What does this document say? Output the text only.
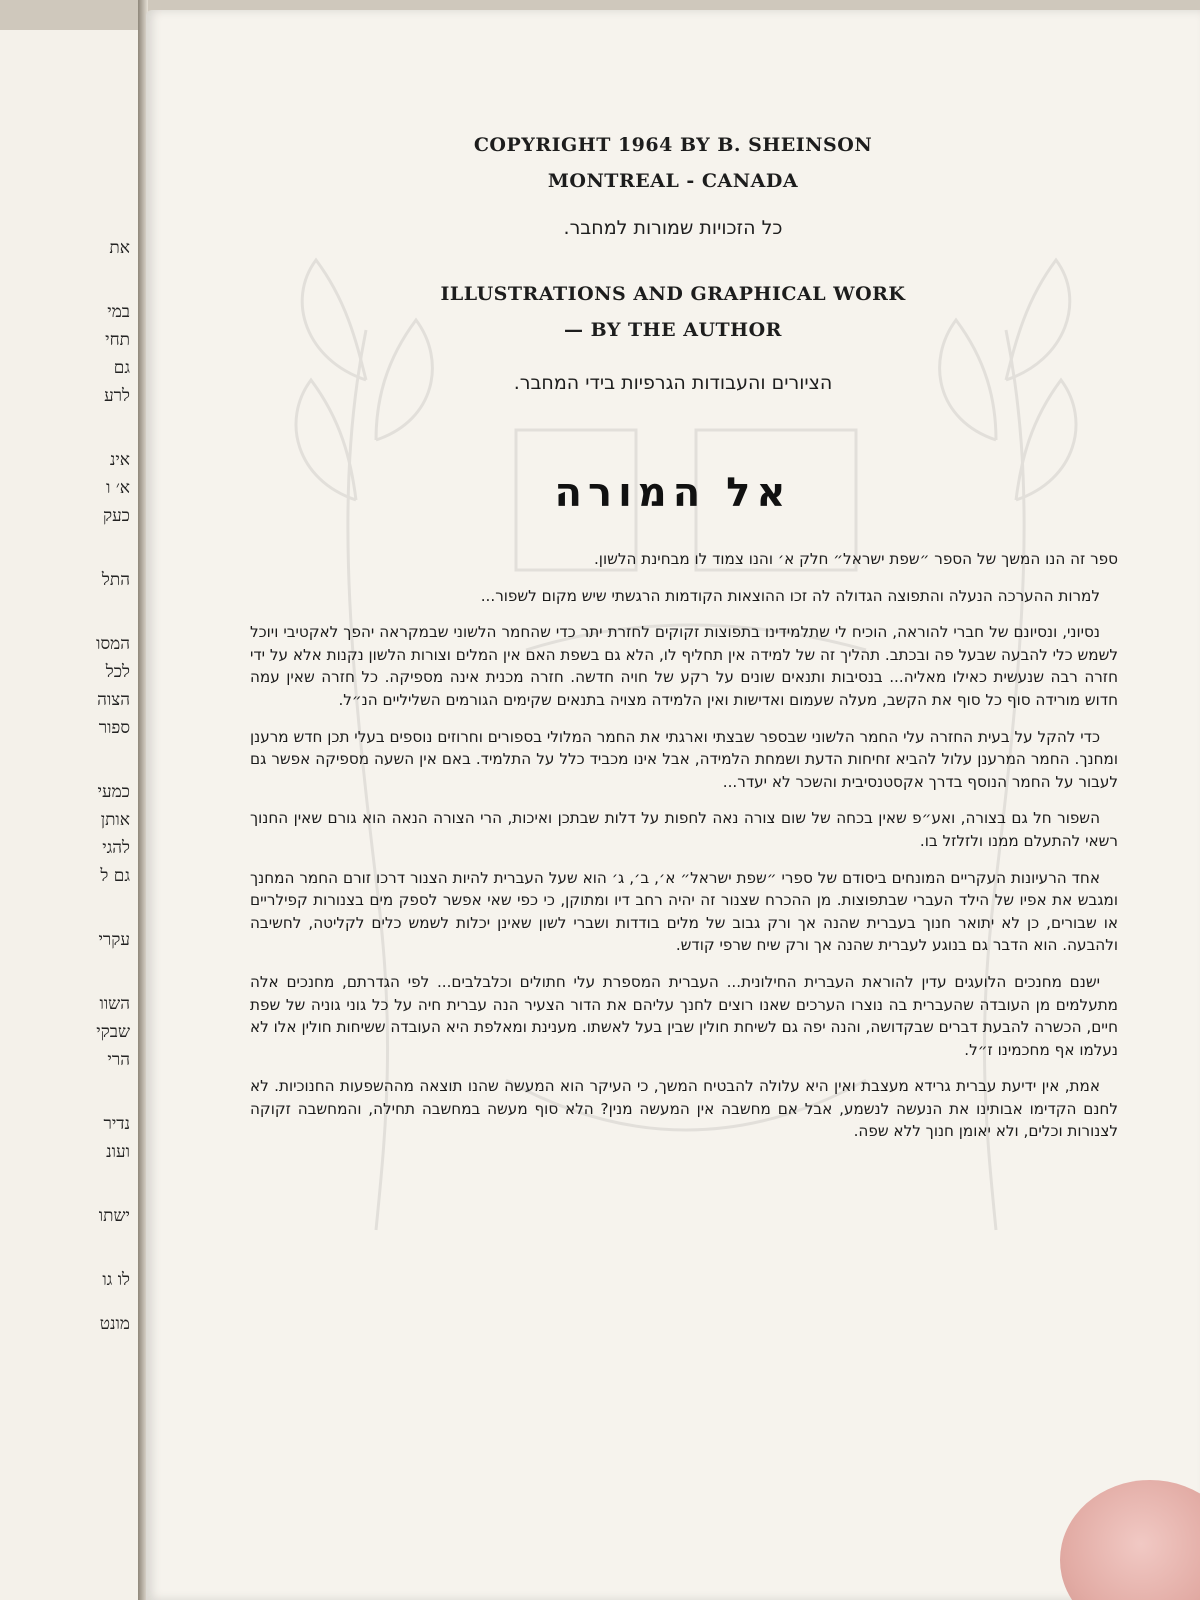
את
במי
תחי
גם
לרע
אינ
א׳ ו
כעק
התל
המסו
לכל
הצוה
ספור
כמעי
אותן
להגי
גם ל
עקרי
השוו
שבקי
הרי
נדיר
ועונ
ישתו
לו גו
מונט
COPYRIGHT 1964 BY B. SHEINSON
MONTREAL - CANADA
כל הזכויות שמורות למחבר.
ILLUSTRATIONS AND GRAPHICAL WORK
— BY THE AUTHOR
הציורים והעבודות הגרפיות בידי המחבר.
אל המורה

ספר זה הנו המשך של הספר ״שפת ישראל״ חלק א׳ והנו צמוד לו מבחינת הלשון.

למרות ההערכה הנעלה והתפוצה הגדולה לה זכו ההוצאות הקודמות הרגשתי שיש מקום לשפור...

נסיוני, ונסיונם של חברי להוראה, הוכיח לי שתלמידינו בתפוצות זקוקים לחזרת יתר כדי שהחמר הלשוני שבמקראה יהפך לאקטיבי ויוכל לשמש כלי להבעה שבעל פה ובכתב. תהליך זה של למידה אין תחליף לו, הלא גם בשפת האם אין המלים וצורות הלשון נקנות אלא על ידי חזרה רבה שנעשית כאילו מאליה... בנסיבות ותנאים שונים על רקע של חויה חדשה. חזרה מכנית אינה מספיקה. כל חזרה שאין עמה חדוש מורידה סוף כל סוף את הקשב, מעלה שעמום ואדישות ואין הלמידה מצויה בתנאים שקימים הגורמים השליליים הנ״ל.

כדי להקל על בעית החזרה עלי החמר הלשוני שבספר שבצתי וארגתי את החמר המלולי בספורים וחרוזים נוספים בעלי תכן חדש מרענן ומחנך. החמר המרענן עלול להביא זחיחות הדעת ושמחת הלמידה, אבל אינו מכביד כלל על התלמיד. באם אין השעה מספיקה אפשר גם לעבור על החמר הנוסף בדרך אקסטנסיבית והשכר לא יעדר...

השפור חל גם בצורה, ואע״פ שאין בכחה של שום צורה נאה לחפות על דלות שבתכן ואיכות, הרי הצורה הנאה הוא גורם שאין החנוך רשאי להתעלם ממנו ולזלזל בו.

אחד הרעיונות העקריים המונחים ביסודם של ספרי ״שפת ישראל״ א׳, ב׳, ג׳ הוא שעל העברית להיות הצנור דרכו זורם החמר המחנך ומגבש את אפיו של הילד העברי שבתפוצות. מן ההכרח שצנור זה יהיה רחב דיו ומתוקן, כי כפי שאי אפשר לספק מים בצנורות קפילריים או שבורים, כן לא יתואר חנוך בעברית שהנה אך ורק גבוב של מלים בודדות ושברי לשון שאינן יכלות לשמש כלים לקליטה, לחשיבה ולהבעה. הוא הדבר גם בנוגע לעברית שהנה אך ורק שיח שרפי קודש.

ישנם מחנכים הלועגים עדין להוראת העברית החילונית... העברית המספרת עלי חתולים וכלבלבים... לפי הגדרתם, מחנכים אלה מתעלמים מן העובדה שהעברית בה נוצרו הערכים שאנו רוצים לחנך עליהם את הדור הצעיר הנה עברית חיה על כל גוני גוניה של שפת חיים, הכשרה להבעת דברים שבקדושה, והנה יפה גם לשיחת חולין שבין בעל לאשתו. מענינת ומאלפת היא העובדה ששיחות חולין אלו לא נעלמו אף מחכמינו ז״ל.

אמת, אין ידיעת עברית גרידא מעצבת ואין היא עלולה להבטיח המשך, כי העיקר הוא המעשה שהנו תוצאה מההשפעות החנוכיות. לא לחנם הקדימו אבותינו את הנעשה לנשמע, אבל אם מחשבה אין המעשה מנין? הלא סוף מעשה במחשבה תחילה, והמחשבה זקוקה לצנורות וכלים, ולא יאומן חנוך ללא שפה.
